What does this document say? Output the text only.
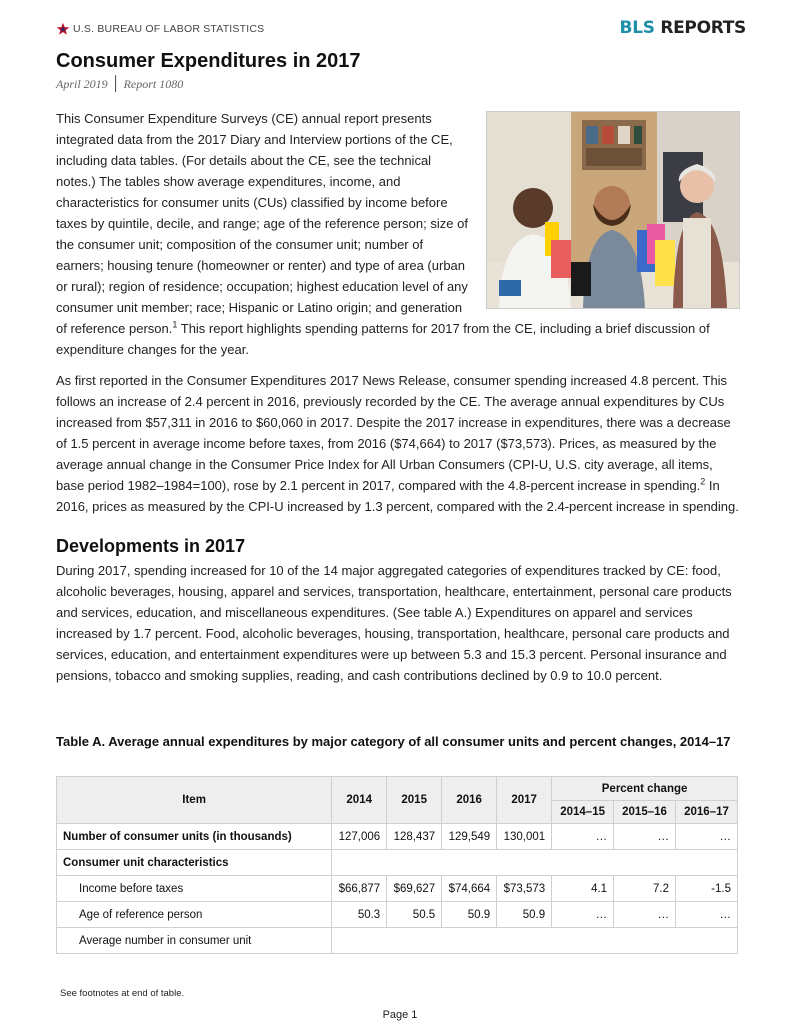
U.S. BUREAU OF LABOR STATISTICS	BLS REPORTS
Consumer Expenditures in 2017
April 2019 │ Report 1080
This Consumer Expenditure Surveys (CE) annual report presents integrated data from the 2017 Diary and Interview portions of the CE, including data tables. (For details about the CE, see the technical notes.) The tables show average expenditures, income, and characteristics for consumer units (CUs) classified by income before taxes by quintile, decile, and range; age of the reference person; size of the consumer unit; composition of the consumer unit; number of earners; housing tenure (homeowner or renter) and type of area (urban or rural); region of residence; occupation; highest education level of any consumer unit member; race; Hispanic or Latino origin; and generation of reference person.$^1$ This report highlights spending patterns for 2017 from the CE, including a brief discussion of expenditure changes for the year.
As first reported in the Consumer Expenditures 2017 News Release, consumer spending increased 4.8 percent. This follows an increase of 2.4 percent in 2016, previously recorded by the CE. The average annual expenditures by CUs increased from $57,311 in 2016 to $60,060 in 2017. Despite the 2017 increase in expenditures, there was a decrease of 1.5 percent in average income before taxes, from 2016 ($74,664) to 2017 ($73,573). Prices, as measured by the average annual change in the Consumer Price Index for All Urban Consumers (CPI-U, U.S. city average, all items, base period 1982–1984=100), rose by 2.1 percent in 2017, compared with the 4.8-percent increase in spending.$^2$ In 2016, prices as measured by the CPI-U increased by 1.3 percent, compared with the 2.4-percent increase in spending.
Developments in 2017
During 2017, spending increased for 10 of the 14 major aggregated categories of expenditures tracked by CE: food, alcoholic beverages, housing, apparel and services, transportation, healthcare, entertainment, personal care products and services, education, and miscellaneous expenditures. (See table A.) Expenditures on apparel and services increased by 1.7 percent. Food, alcoholic beverages, housing, transportation, healthcare, personal care products and services, education, and entertainment expenditures were up between 5.3 and 15.3 percent. Personal insurance and pensions, tobacco and smoking supplies, reading, and cash contributions declined by 0.9 to 10.0 percent.
Table A. Average annual expenditures by major category of all consumer units and percent changes, 2014–17
Item	2014	2015	2016	2017	Percent change		
					2014–15	2015–16	2016–17
Number of consumer units (in thousands)	127,006	128,437	129,549	130,001	…	…	…
Consumer unit characteristics							
Income before taxes	$66,877	$69,627	$74,664	$73,573	4.1	7.2	-1.5
Age of reference person	50.3	50.5	50.9	50.9	…	…	…
Average number in consumer unit							
See footnotes at end of table.
Page 1
